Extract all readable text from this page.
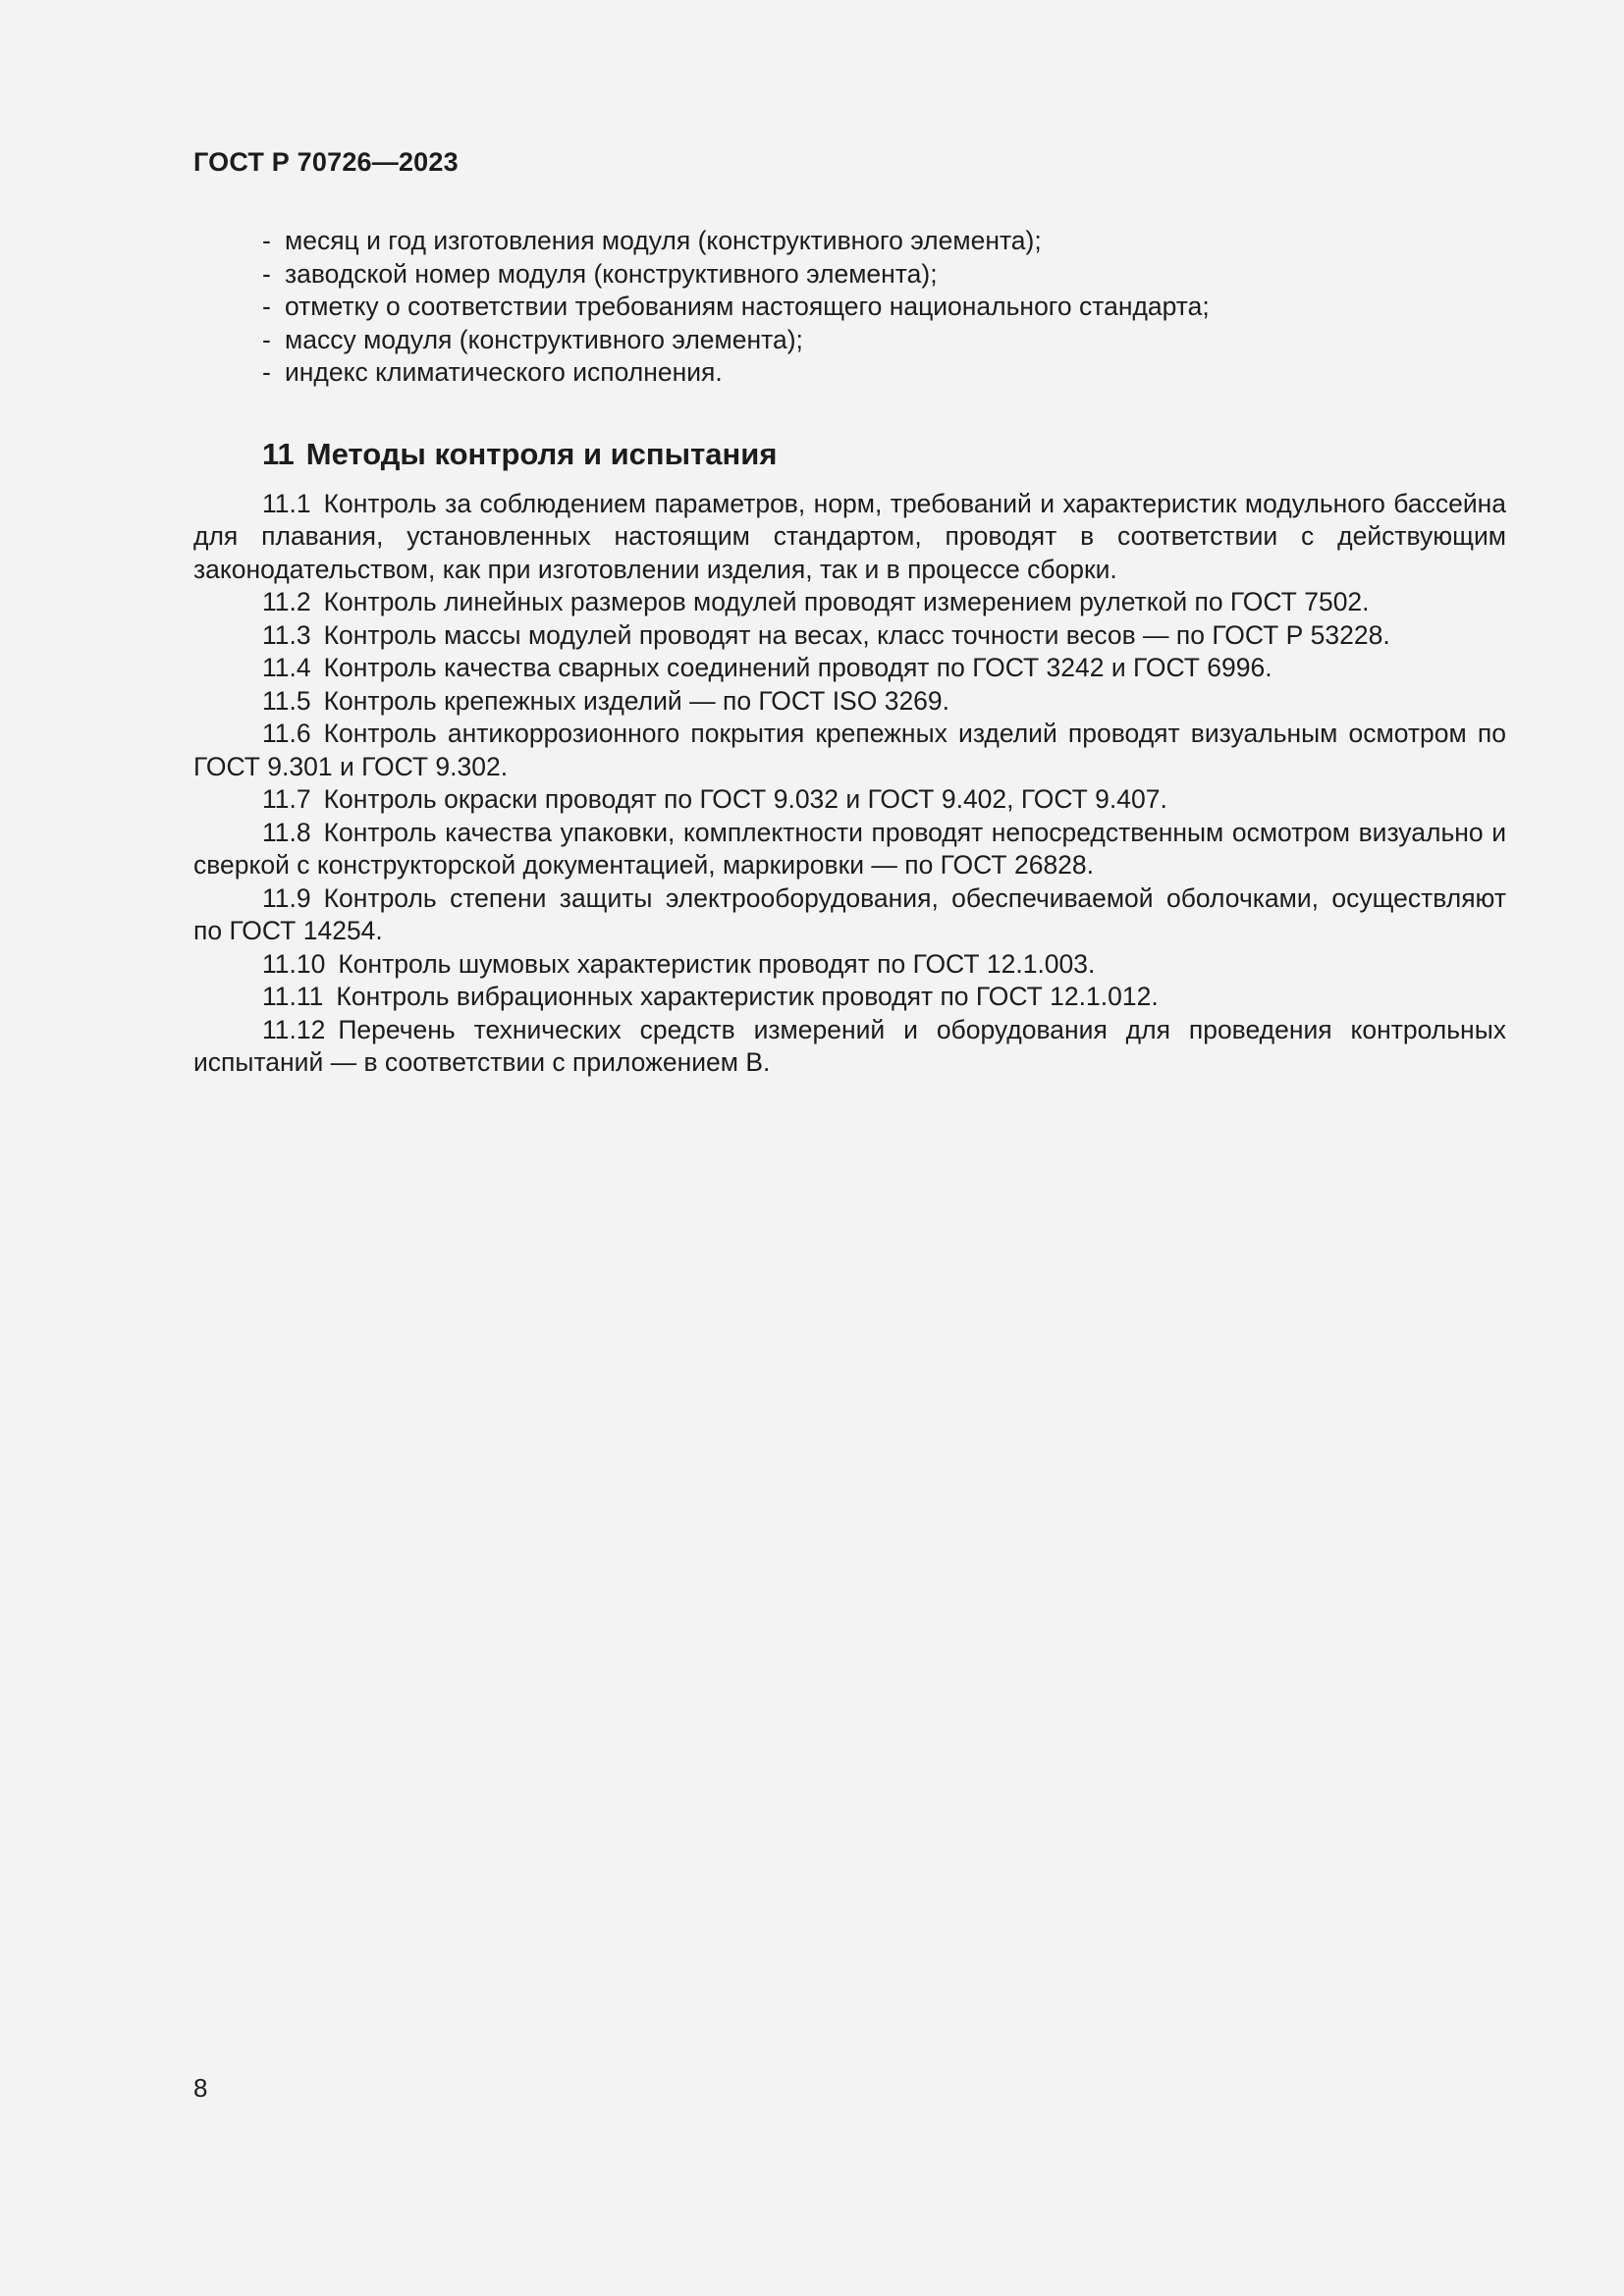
ГОСТ Р 70726—2023
- месяц и год изготовления модуля (конструктивного элемента);
- заводской номер модуля (конструктивного элемента);
- отметку о соответствии требованиям настоящего национального стандарта;
- массу модуля (конструктивного элемента);
- индекс климатического исполнения.
11 Методы контроля и испытания

11.1 Контроль за соблюдением параметров, норм, требований и характеристик модульного бассейна для плавания, установленных настоящим стандартом, проводят в соответствии с действующим законодательством, как при изготовлении изделия, так и в процессе сборки.

11.2 Контроль линейных размеров модулей проводят измерением рулеткой по ГОСТ 7502.

11.3 Контроль массы модулей проводят на весах, класс точности весов — по ГОСТ Р 53228.

11.4 Контроль качества сварных соединений проводят по ГОСТ 3242 и ГОСТ 6996.

11.5 Контроль крепежных изделий — по ГОСТ ISO 3269.

11.6 Контроль антикоррозионного покрытия крепежных изделий проводят визуальным осмотром по ГОСТ 9.301 и ГОСТ 9.302.

11.7 Контроль окраски проводят по ГОСТ 9.032 и ГОСТ 9.402, ГОСТ 9.407.

11.8 Контроль качества упаковки, комплектности проводят непосредственным осмотром визуально и сверкой с конструкторской документацией, маркировки — по ГОСТ 26828.

11.9 Контроль степени защиты электрооборудования, обеспечиваемой оболочками, осуществляют по ГОСТ 14254.

11.10 Контроль шумовых характеристик проводят по ГОСТ 12.1.003.

11.11 Контроль вибрационных характеристик проводят по ГОСТ 12.1.012.

11.12 Перечень технических средств измерений и оборудования для проведения контрольных испытаний — в соответствии с приложением В.

8
